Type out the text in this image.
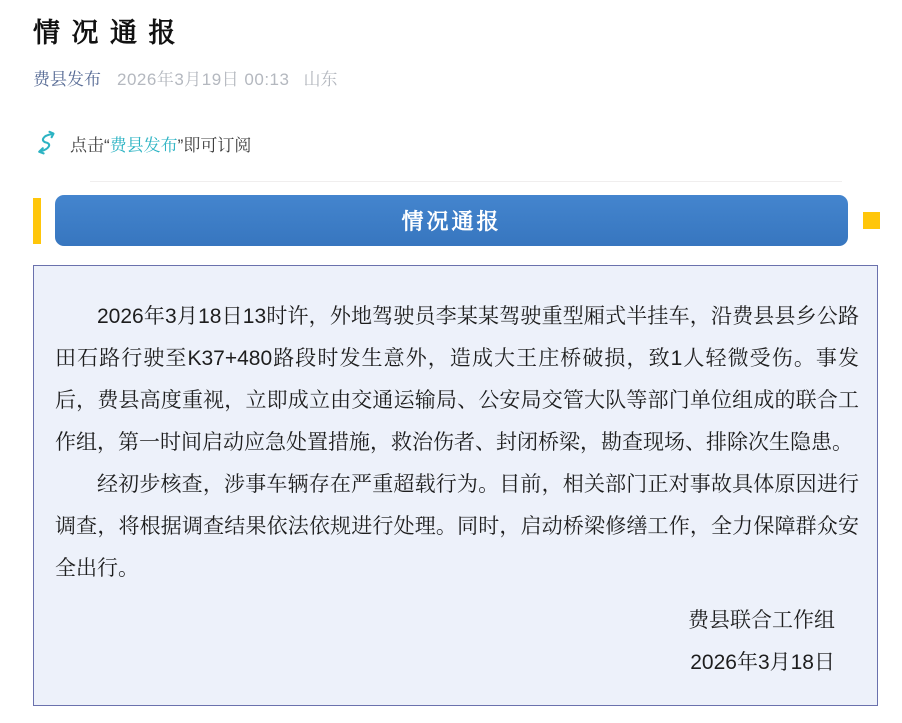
情 况 通 报
费县发布 2026年3月19日 00:13 山东
点击“费县发布”即可订阅
情况通报

2026年3月18日13时许，外地驾驶员李某某驾驶重型厢式半挂车，沿费县县乡公路田石路行驶至K37+480路段时发生意外，造成大王庄桥破损，致1人轻微受伤。事发后，费县高度重视，立即成立由交通运输局、公安局交管大队等部门单位组成的联合工作组，第一时间启动应急处置措施，救治伤者、封闭桥梁，勘查现场、排除次生隐患。

经初步核查，涉事车辆存在严重超载行为。目前，相关部门正对事故具体原因进行调查，将根据调查结果依法依规进行处理。同时，启动桥梁修缮工作，全力保障群众安全出行。

费县联合工作组
2026年3月18日
